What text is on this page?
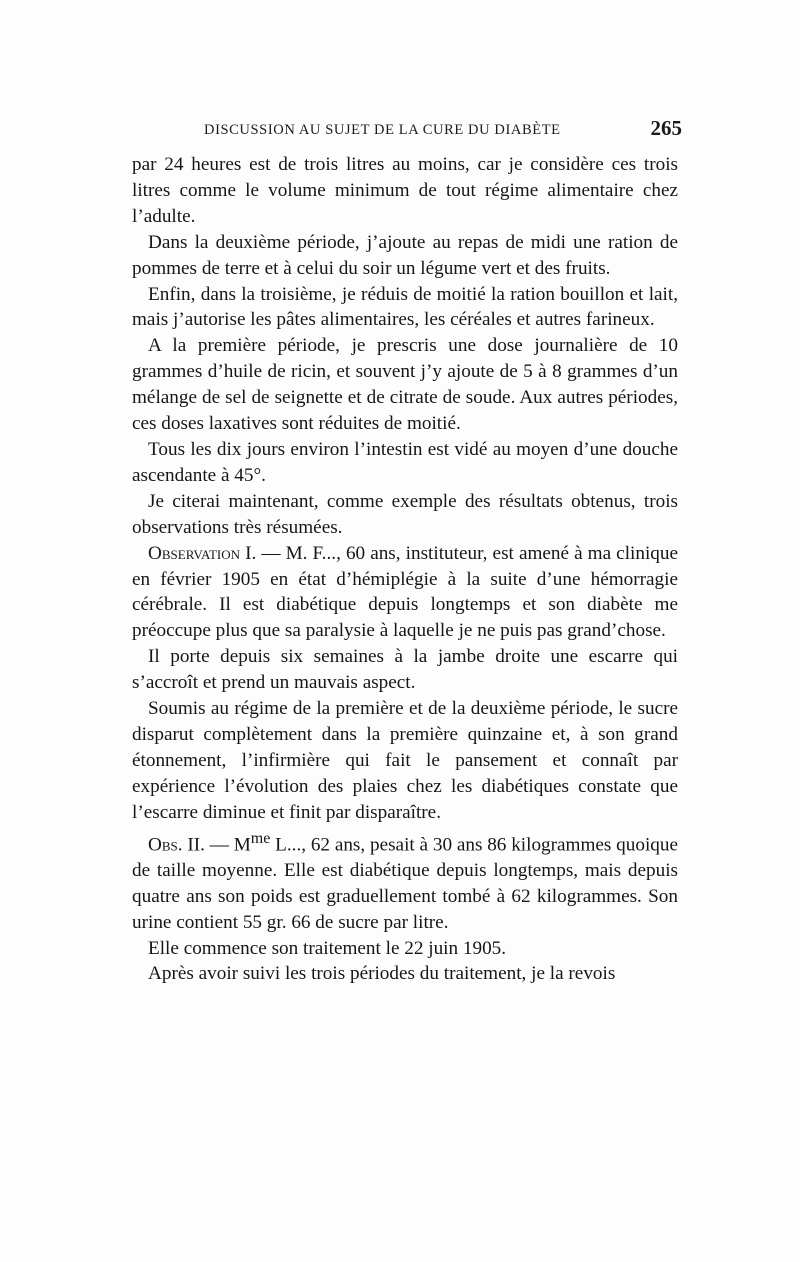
DISCUSSION AU SUJET DE LA CURE DU DIABÈTE	265

par 24 heures est de trois litres au moins, car je considère ces trois litres comme le volume minimum de tout régime alimentaire chez l’adulte.

Dans la deuxième période, j’ajoute au repas de midi une ration de pommes de terre et à celui du soir un légume vert et des fruits.

Enfin, dans la troisième, je réduis de moitié la ration bouillon et lait, mais j’autorise les pâtes alimentaires, les céréales et autres farineux.

A la première période, je prescris une dose journalière de 10 grammes d’huile de ricin, et souvent j’y ajoute de 5 à 8 grammes d’un mélange de sel de seignette et de citrate de soude. Aux autres périodes, ces doses laxatives sont réduites de moitié.

Tous les dix jours environ l’intestin est vidé au moyen d’une douche ascendante à 45°.

Je citerai maintenant, comme exemple des résultats obtenus, trois observations très résumées.

Observation I. — M. F..., 60 ans, instituteur, est amené à ma clinique en février 1905 en état d’hémiplégie à la suite d’une hémorragie cérébrale. Il est diabétique depuis longtemps et son diabète me préoccupe plus que sa paralysie à laquelle je ne puis pas grand’chose.

Il porte depuis six semaines à la jambe droite une escarre qui s’accroît et prend un mauvais aspect.

Soumis au régime de la première et de la deuxième période, le sucre disparut complètement dans la première quinzaine et, à son grand étonnement, l’infirmière qui fait le pansement et connaît par expérience l’évolution des plaies chez les diabétiques constate que l’escarre diminue et finit par disparaître.

Obs. II. — $M^{me}$ L..., 62 ans, pesait à 30 ans 86 kilogrammes quoique de taille moyenne. Elle est diabétique depuis longtemps, mais depuis quatre ans son poids est graduellement tombé à 62 kilogrammes. Son urine contient 55 gr. 66 de sucre par litre.

Elle commence son traitement le 22 juin 1905.

Après avoir suivi les trois périodes du traitement, je la revois
